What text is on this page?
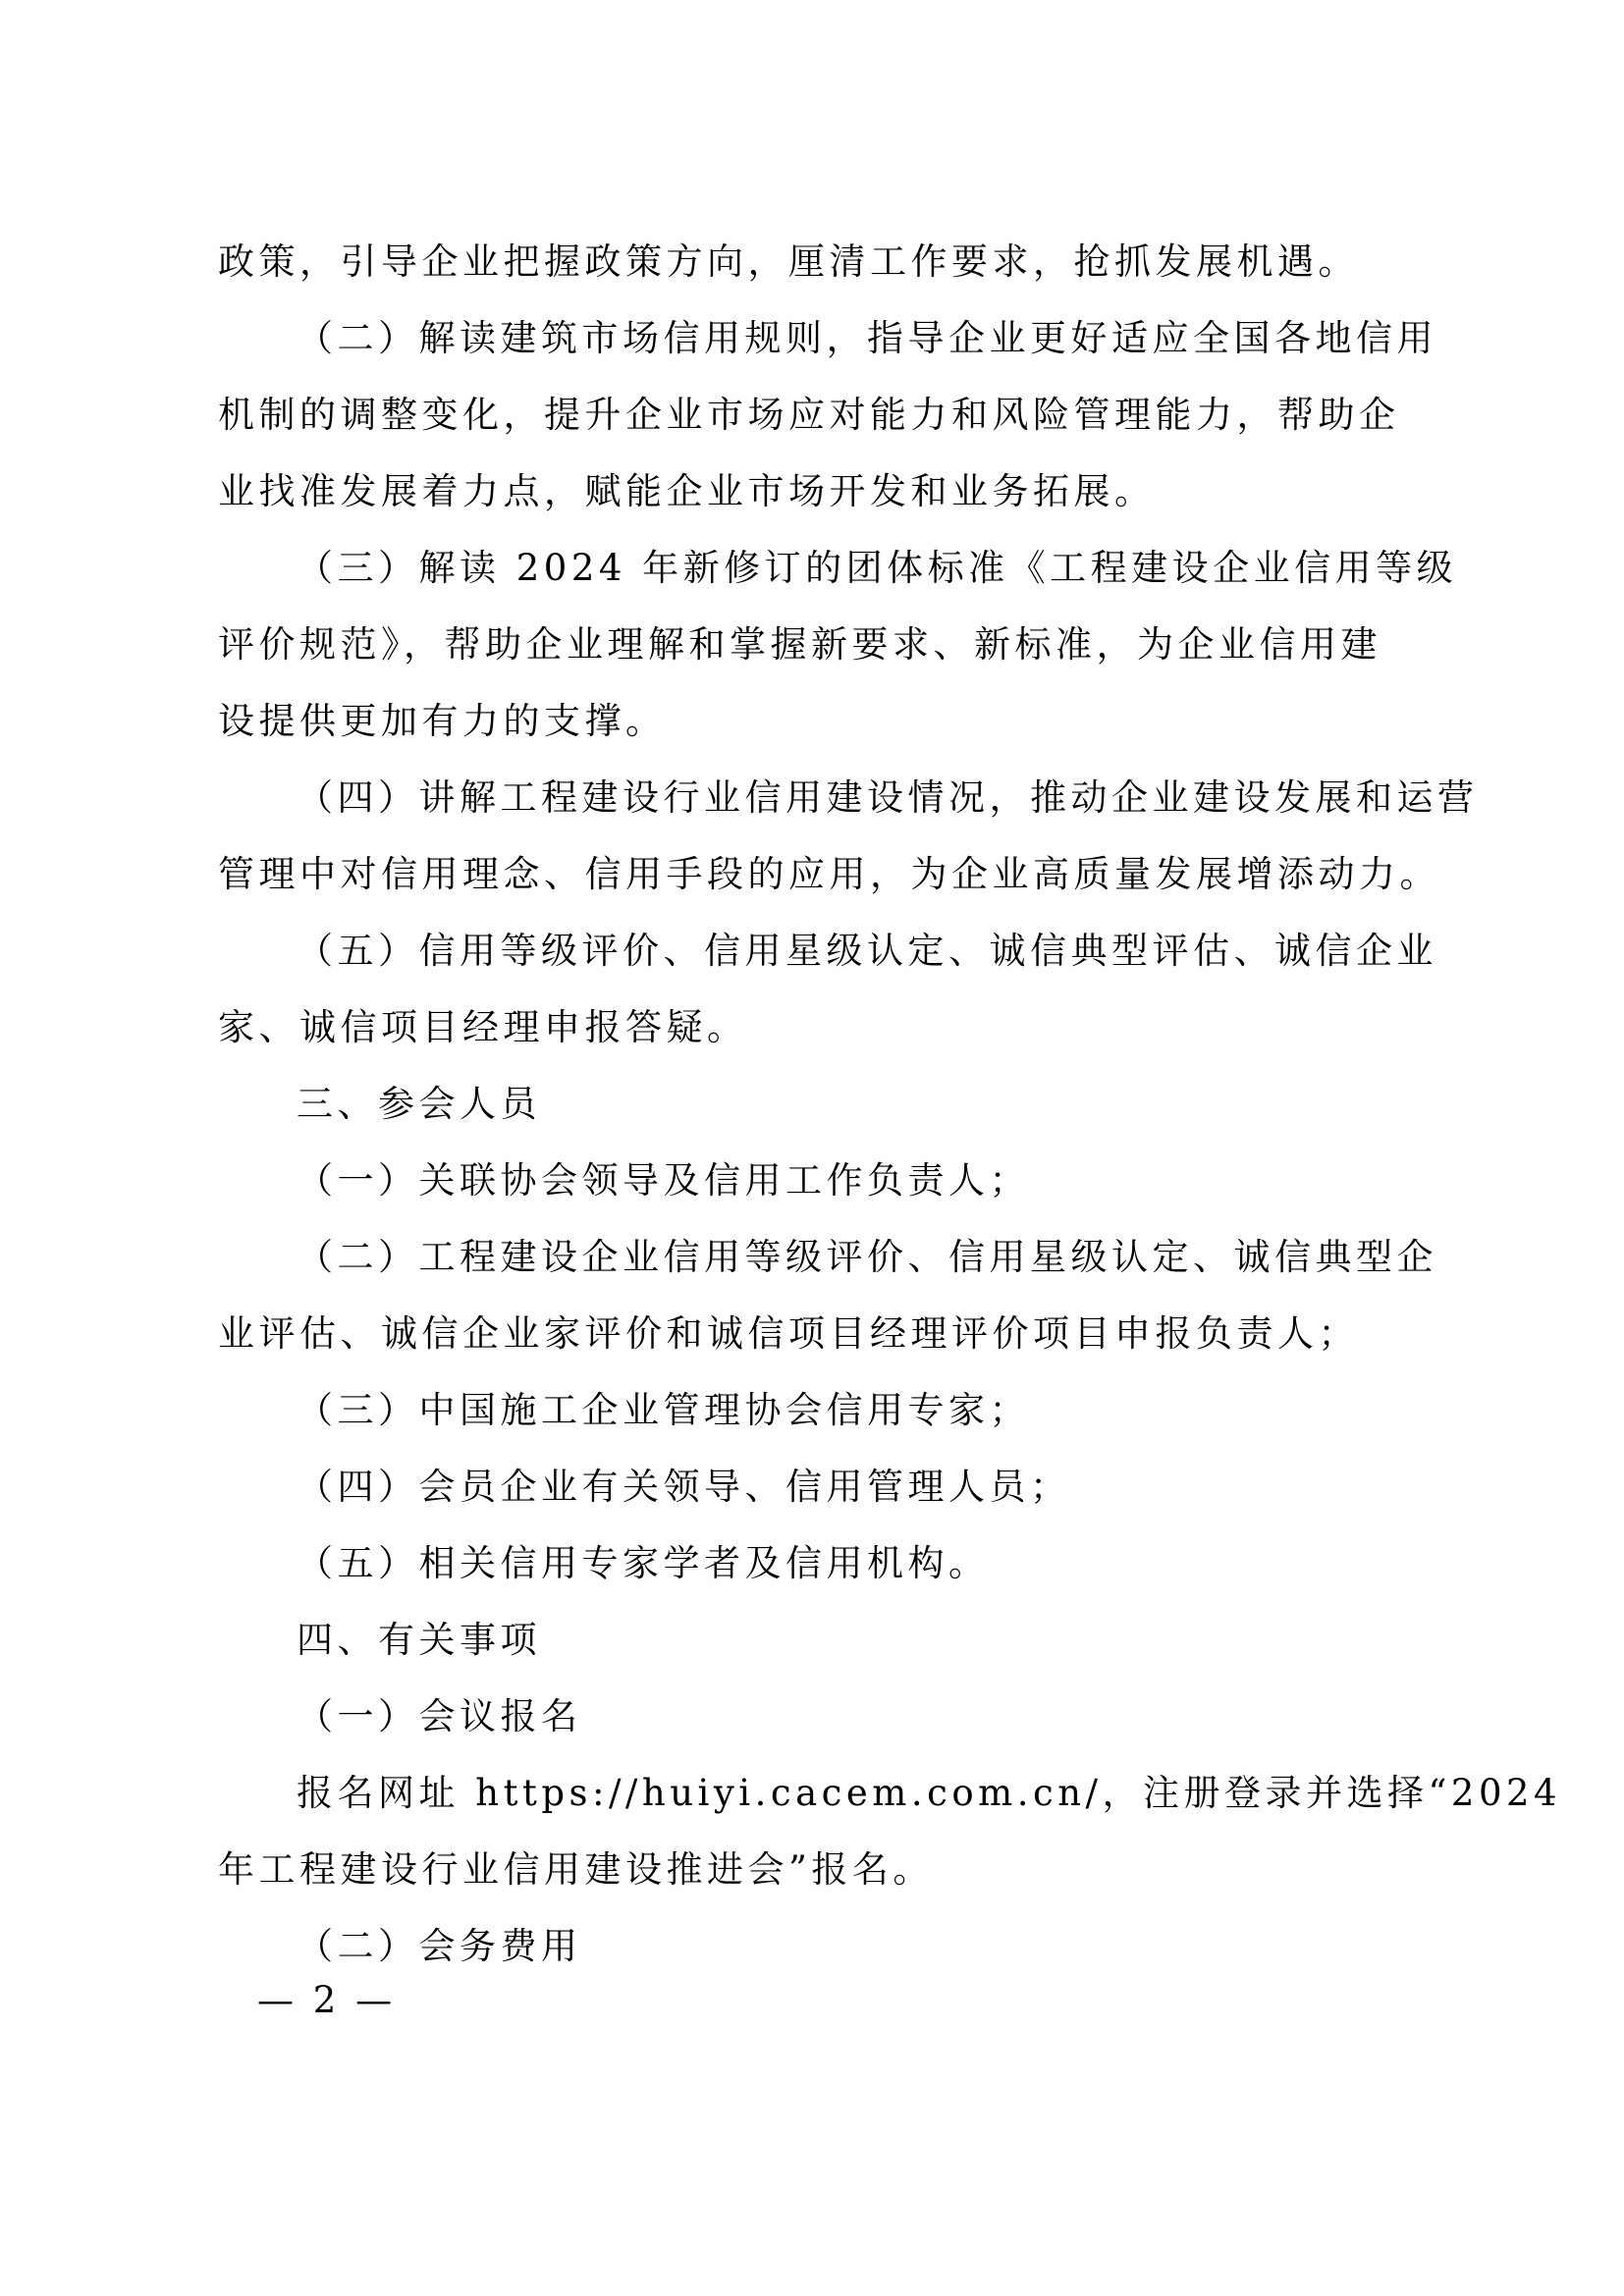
政策，引导企业把握政策方向，厘清工作要求，抢抓发展机遇。
（二）解读建筑市场信用规则，指导企业更好适应全国各地信用
机制的调整变化，提升企业市场应对能力和风险管理能力，帮助企
业找准发展着力点，赋能企业市场开发和业务拓展。
（三）解读 2024 年新修订的团体标准《工程建设企业信用等级
评价规范》，帮助企业理解和掌握新要求、新标准，为企业信用建
设提供更加有力的支撑。
（四）讲解工程建设行业信用建设情况，推动企业建设发展和运营
管理中对信用理念、信用手段的应用，为企业高质量发展增添动力。
（五）信用等级评价、信用星级认定、诚信典型评估、诚信企业
家、诚信项目经理申报答疑。
三、参会人员
（一）关联协会领导及信用工作负责人；
（二）工程建设企业信用等级评价、信用星级认定、诚信典型企
业评估、诚信企业家评价和诚信项目经理评价项目申报负责人；
（三）中国施工企业管理协会信用专家；
（四）会员企业有关领导、信用管理人员；
（五）相关信用专家学者及信用机构。
四、有关事项
（一）会议报名
报名网址 https://huiyi.cacem.com.cn/，注册登录并选择“2024
年工程建设行业信用建设推进会”报名。
（二）会务费用
— 2 —
